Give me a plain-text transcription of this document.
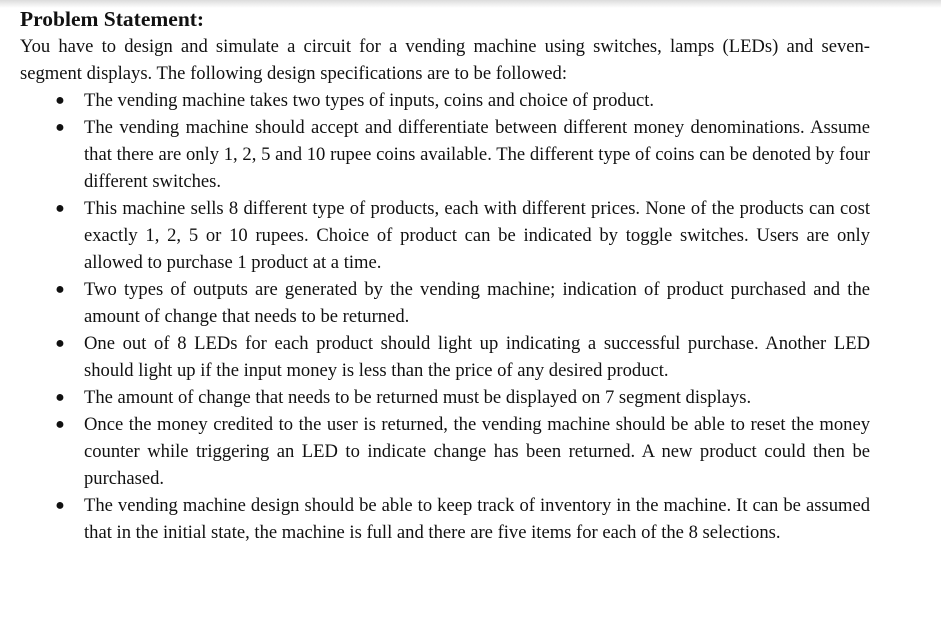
Problem Statement:

You have to design and simulate a circuit for a vending machine using switches, lamps (LEDs) and seven-segment displays. The following design specifications are to be followed:

● The vending machine takes two types of inputs, coins and choice of product.
● The vending machine should accept and differentiate between different money denominations. Assume that there are only 1, 2, 5 and 10 rupee coins available. The different type of coins can be denoted by four different switches.
● This machine sells 8 different type of products, each with different prices. None of the products can cost exactly 1, 2, 5 or 10 rupees. Choice of product can be indicated by toggle switches. Users are only allowed to purchase 1 product at a time.
● Two types of outputs are generated by the vending machine; indication of product purchased and the amount of change that needs to be returned.
● One out of 8 LEDs for each product should light up indicating a successful purchase. Another LED should light up if the input money is less than the price of any desired product.
● The amount of change that needs to be returned must be displayed on 7 segment displays.
● Once the money credited to the user is returned, the vending machine should be able to reset the money counter while triggering an LED to indicate change has been returned. A new product could then be purchased.
● The vending machine design should be able to keep track of inventory in the machine. It can be assumed that in the initial state, the machine is full and there are five items for each of the 8 selections.
